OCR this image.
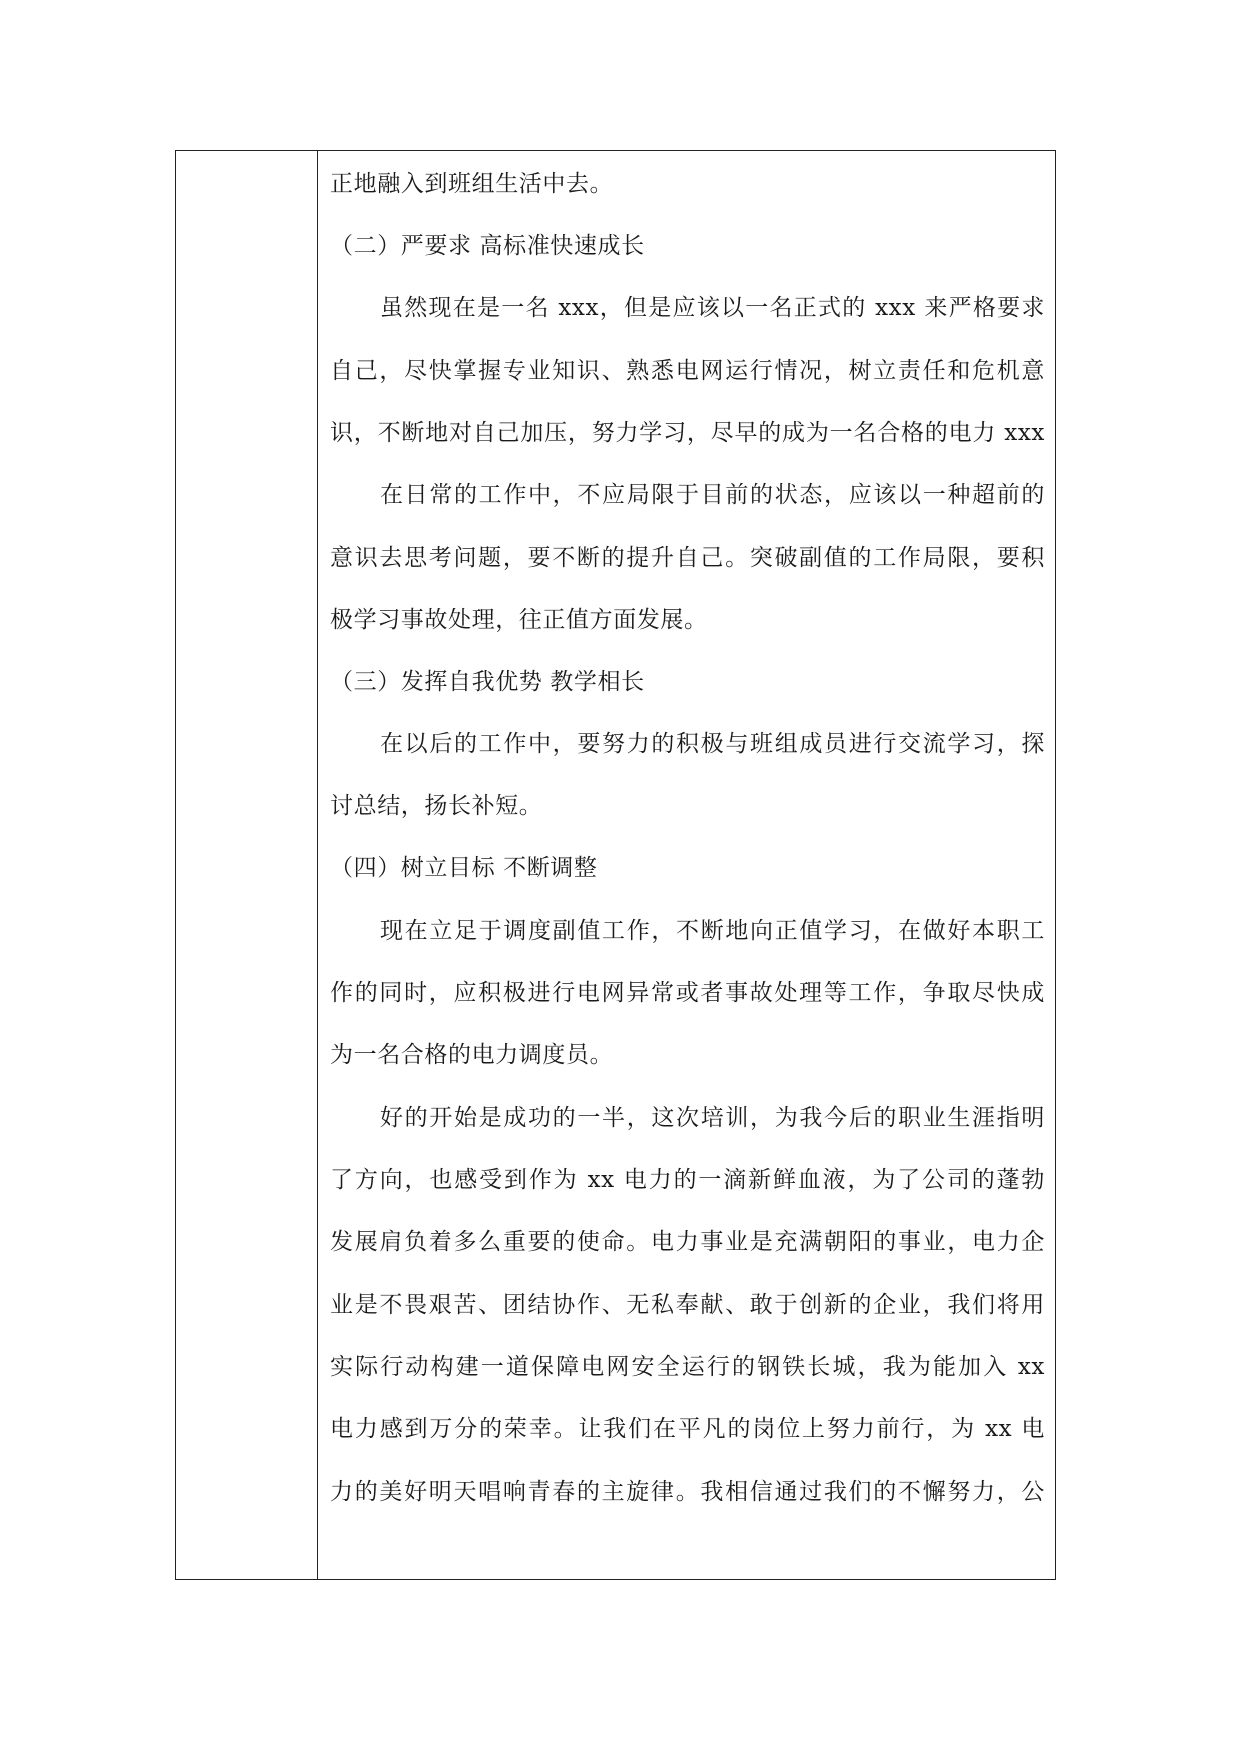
正地融入到班组生活中去。
（二）严要求 高标准快速成长
虽然现在是一名 xxx，但是应该以一名正式的 xxx 来严格要求
自己，尽快掌握专业知识、熟悉电网运行情况，树立责任和危机意
识，不断地对自己加压，努力学习，尽早的成为一名合格的电力 xxx
在日常的工作中，不应局限于目前的状态，应该以一种超前的
意识去思考问题，要不断的提升自己。突破副值的工作局限，要积
极学习事故处理，往正值方面发展。
（三）发挥自我优势 教学相长
在以后的工作中，要努力的积极与班组成员进行交流学习，探
讨总结，扬长补短。
（四）树立目标 不断调整
现在立足于调度副值工作，不断地向正值学习，在做好本职工
作的同时，应积极进行电网异常或者事故处理等工作，争取尽快成
为一名合格的电力调度员。
好的开始是成功的一半，这次培训，为我今后的职业生涯指明
了方向，也感受到作为 xx 电力的一滴新鲜血液，为了公司的蓬勃
发展肩负着多么重要的使命。电力事业是充满朝阳的事业，电力企
业是不畏艰苦、团结协作、无私奉献、敢于创新的企业，我们将用
实际行动构建一道保障电网安全运行的钢铁长城，我为能加入 xx
电力感到万分的荣幸。让我们在平凡的岗位上努力前行，为 xx 电
力的美好明天唱响青春的主旋律。我相信通过我们的不懈努力，公
